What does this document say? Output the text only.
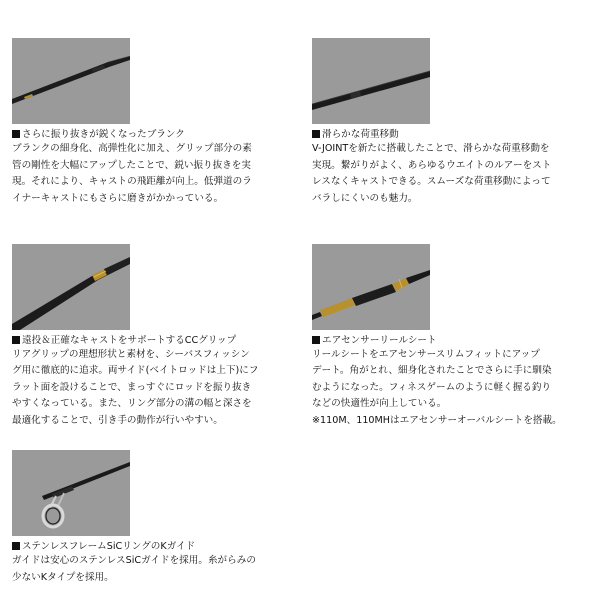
さらに振り抜きが鋭くなったブランク
ブランクの細身化、高弾性化に加え、グリップ部分の素
管の剛性を大幅にアップしたことで、鋭い振り抜きを実
現。それにより、キャストの飛距離が向上。低弾道のラ
イナーキャストにもさらに磨きがかかっている。
滑らかな荷重移動
V-JOINTを新たに搭載したことで、滑らかな荷重移動を
実現。繋がりがよく、あらゆるウエイトのルアーをスト
レスなくキャストできる。スムーズな荷重移動によって
バラしにくいのも魅力。
遠投＆正確なキャストをサポートするCCグリップ
リアグリップの理想形状と素材を、シーバスフィッシン
グ用に徹底的に追求。両サイド(ベイトロッドは上下)にフ
ラット面を設けることで、まっすぐにロッドを振り抜き
やすくなっている。また、リング部分の溝の幅と深さを
最適化することで、引き手の動作が行いやすい。
エアセンサーリールシート
リールシートをエアセンサースリムフィットにアップ
デート。角がとれ、細身化されたことでさらに手に馴染
むようになった。フィネスゲームのように軽く握る釣り
などの快適性が向上している。
※110M、110MHはエアセンサーオーバルシートを搭載。
ステンレスフレームSiCリングのKガイド
ガイドは安心のステンレスSiCガイドを採用。糸がらみの
少ないKタイプを採用。
